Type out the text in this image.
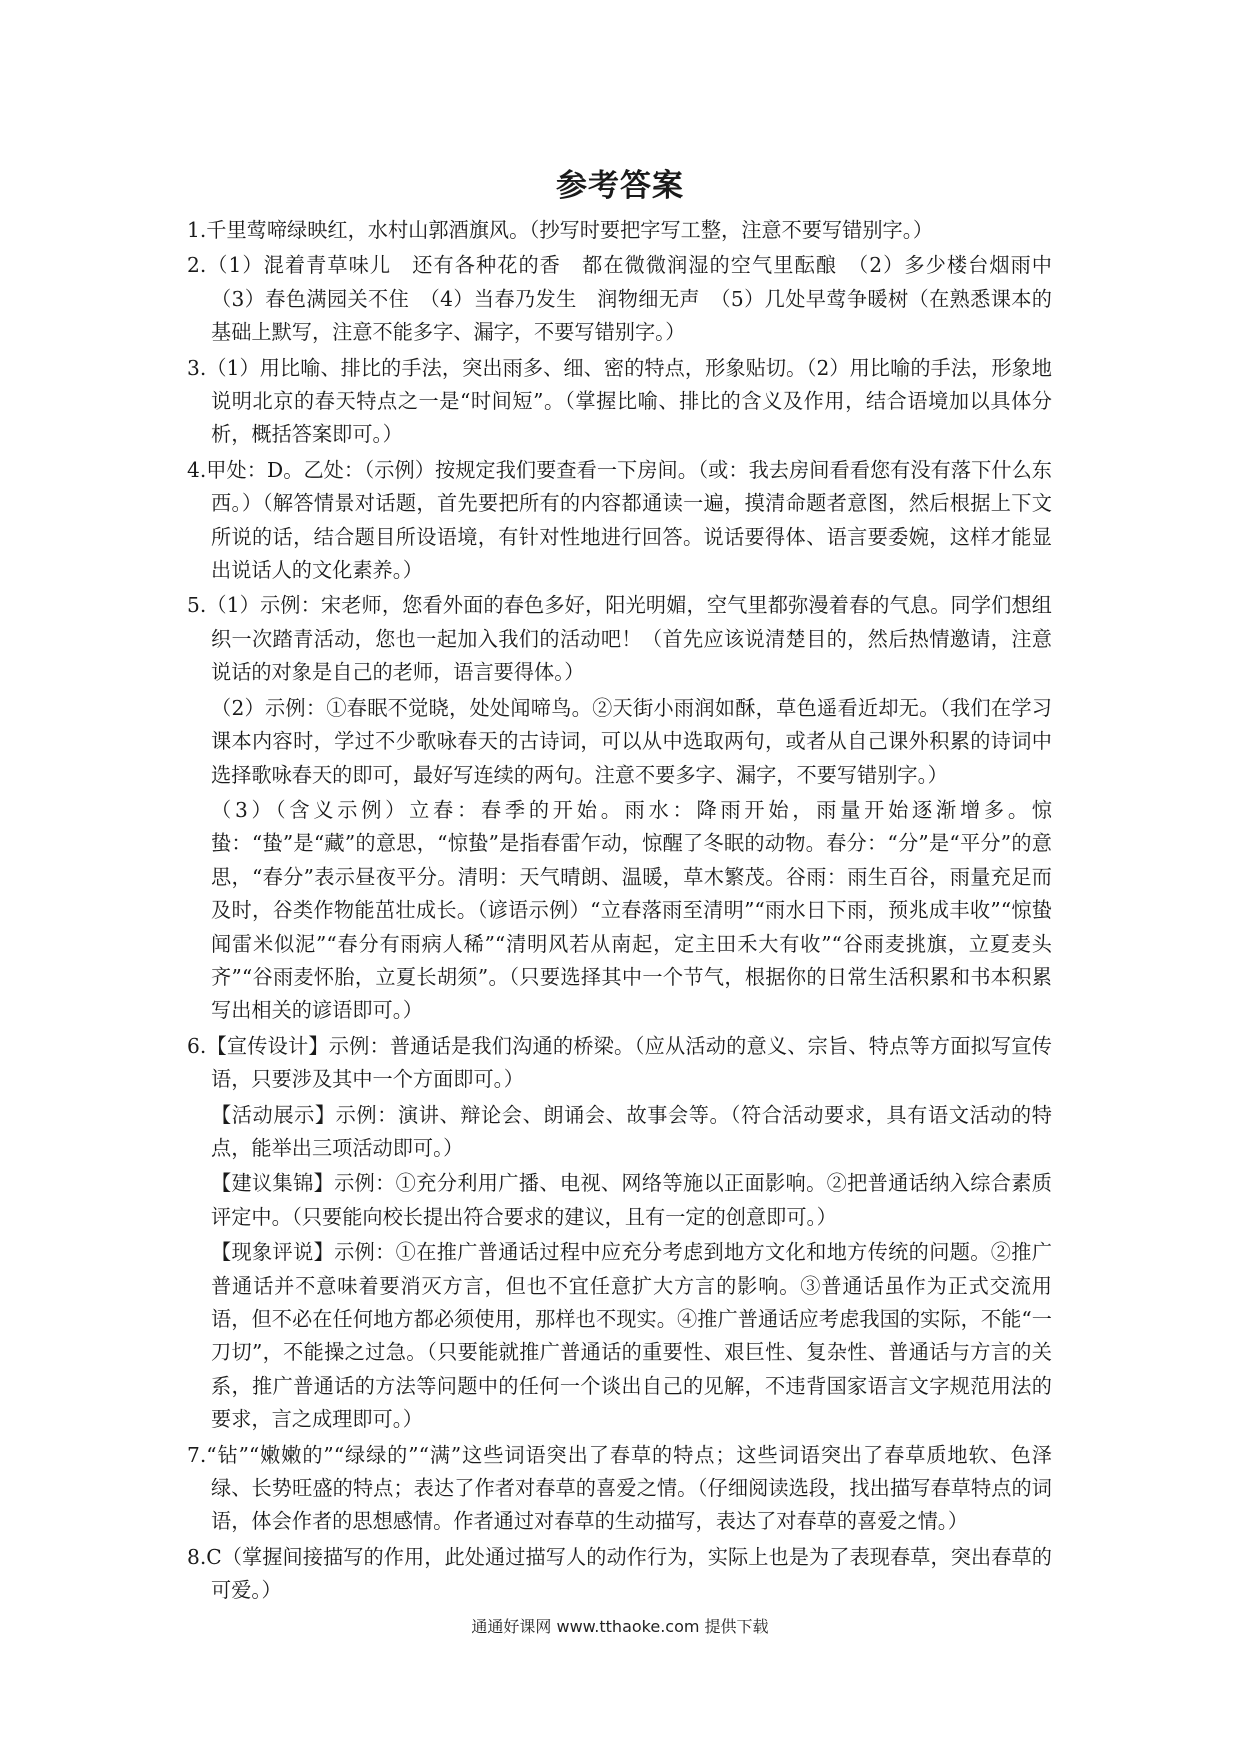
参考答案
1.千里莺啼绿映红，水村山郭酒旗风。（抄写时要把字写工整，注意不要写错别字。）
2.（1）混着青草味儿　还有各种花的香　都在微微润湿的空气里酝酿　（2）多少楼台烟雨中　（3）春色满园关不住　（4）当春乃发生　润物细无声　（5）几处早莺争暖树（在熟悉课本的基础上默写，注意不能多字、漏字，不要写错别字。）
3.（1）用比喻、排比的手法，突出雨多、细、密的特点，形象贴切。（2）用比喻的手法，形象地说明北京的春天特点之一是“时间短”。（掌握比喻、排比的含义及作用，结合语境加以具体分析，概括答案即可。）
4.甲处：D。乙处：（示例）按规定我们要查看一下房间。（或：我去房间看看您有没有落下什么东西。）（解答情景对话题，首先要把所有的内容都通读一遍，摸清命题者意图，然后根据上下文所说的话，结合题目所设语境，有针对性地进行回答。说话要得体、语言要委婉，这样才能显出说话人的文化素养。）
5.（1）示例：宋老师，您看外面的春色多好，阳光明媚，空气里都弥漫着春的气息。同学们想组织一次踏青活动，您也一起加入我们的活动吧！（首先应该说清楚目的，然后热情邀请，注意说话的对象是自己的老师，语言要得体。）
（2）示例：①春眠不觉晓，处处闻啼鸟。②天街小雨润如酥，草色遥看近却无。（我们在学习课本内容时，学过不少歌咏春天的古诗词，可以从中选取两句，或者从自己课外积累的诗词中选择歌咏春天的即可，最好写连续的两句。注意不要多字、漏字，不要写错别字。）
（3）（含义示例）立春：春季的开始。雨水：降雨开始，雨量开始逐渐增多。惊蛰：“蛰”是“藏”的意思，“惊蛰”是指春雷乍动，惊醒了冬眠的动物。春分：“分”是“平分”的意思，“春分”表示昼夜平分。清明：天气晴朗、温暖，草木繁茂。谷雨：雨生百谷，雨量充足而及时，谷类作物能茁壮成长。（谚语示例）“立春落雨至清明”“雨水日下雨，预兆成丰收”“惊蛰闻雷米似泥”“春分有雨病人稀”“清明风若从南起，定主田禾大有收”“谷雨麦挑旗，立夏麦头齐”“谷雨麦怀胎，立夏长胡须”。（只要选择其中一个节气，根据你的日常生活积累和书本积累写出相关的谚语即可。）
6.【宣传设计】示例：普通话是我们沟通的桥梁。（应从活动的意义、宗旨、特点等方面拟写宣传语，只要涉及其中一个方面即可。）
【活动展示】示例：演讲、辩论会、朗诵会、故事会等。（符合活动要求，具有语文活动的特点，能举出三项活动即可。）
【建议集锦】示例：①充分利用广播、电视、网络等施以正面影响。②把普通话纳入综合素质评定中。（只要能向校长提出符合要求的建议，且有一定的创意即可。）
【现象评说】示例：①在推广普通话过程中应充分考虑到地方文化和地方传统的问题。②推广普通话并不意味着要消灭方言，但也不宜任意扩大方言的影响。③普通话虽作为正式交流用语，但不必在任何地方都必须使用，那样也不现实。④推广普通话应考虑我国的实际，不能“一刀切”，不能操之过急。（只要能就推广普通话的重要性、艰巨性、复杂性、普通话与方言的关系，推广普通话的方法等问题中的任何一个谈出自己的见解，不违背国家语言文字规范用法的要求，言之成理即可。）
7.“钻”“嫩嫩的”“绿绿的”“满”这些词语突出了春草的特点；这些词语突出了春草质地软、色泽绿、长势旺盛的特点；表达了作者对春草的喜爱之情。（仔细阅读选段，找出描写春草特点的词语，体会作者的思想感情。作者通过对春草的生动描写，表达了对春草的喜爱之情。）
8.C（掌握间接描写的作用，此处通过描写人的动作行为，实际上也是为了表现春草，突出春草的可爱。）
通通好课网 www.tthaoke.com 提供下载
